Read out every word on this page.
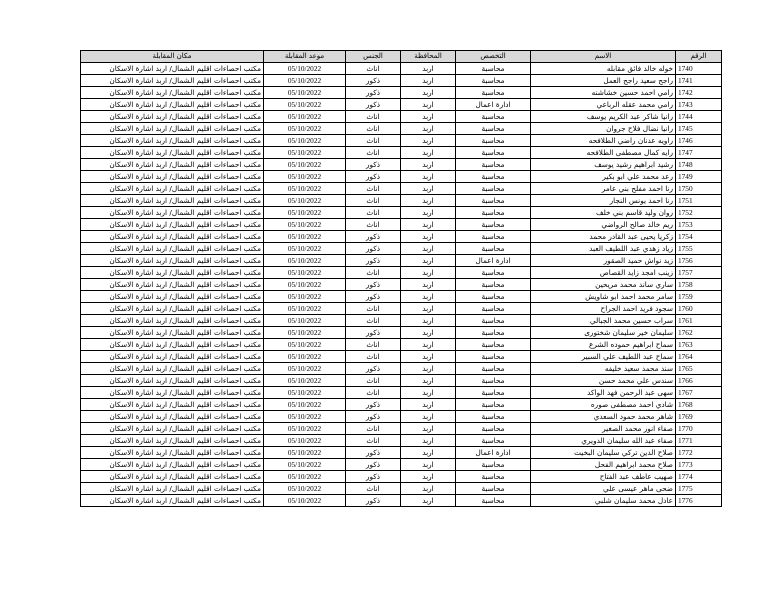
الرقم	الاسم	التخصص	المحافظة	الجنس	موعد المقابلة	مكان المقابلة
1740	خوله خالد فائق مقابله	محاسبة	اربد	اناث	05/10/2022	مكتب احصاءات اقليم الشمال/ اربد اشارة الاسكان
1741	راجح سعيد راجح العمل	محاسبة	اربد	ذكور	05/10/2022	مكتب احصاءات اقليم الشمال/ اربد اشارة الاسكان
1742	رامي احمد حسين خشاشنه	محاسبة	اربد	ذكور	05/10/2022	مكتب احصاءات اقليم الشمال/ اربد اشارة الاسكان
1743	رامي محمد عقله الرباعي	ادارة اعمال	اربد	ذكور	05/10/2022	مكتب احصاءات اقليم الشمال/ اربد اشارة الاسكان
1744	رانيا شاكر عبد الكريم يوسف	محاسبة	اربد	اناث	05/10/2022	مكتب احصاءات اقليم الشمال/ اربد اشارة الاسكان
1745	رانيا نضال فلاح جروان	محاسبة	اربد	اناث	05/10/2022	مكتب احصاءات اقليم الشمال/ اربد اشارة الاسكان
1746	راويه عدنان راضي الطلافحه	محاسبة	اربد	اناث	05/10/2022	مكتب احصاءات اقليم الشمال/ اربد اشارة الاسكان
1747	رايه كمال مصطفى الطلافحه	محاسبة	اربد	اناث	05/10/2022	مكتب احصاءات اقليم الشمال/ اربد اشارة الاسكان
1748	رشيد ابراهيم رشيد يوسف	محاسبة	اربد	ذكور	05/10/2022	مكتب احصاءات اقليم الشمال/ اربد اشارة الاسكان
1749	رعد محمد علي ابو بكير	محاسبة	اربد	ذكور	05/10/2022	مكتب احصاءات اقليم الشمال/ اربد اشارة الاسكان
1750	رنا احمد مفلح بني عامر	محاسبة	اربد	اناث	05/10/2022	مكتب احصاءات اقليم الشمال/ اربد اشارة الاسكان
1751	رنا احمد يونس النجار	محاسبة	اربد	اناث	05/10/2022	مكتب احصاءات اقليم الشمال/ اربد اشارة الاسكان
1752	روان وليد قاسم بني خلف	محاسبة	اربد	اناث	05/10/2022	مكتب احصاءات اقليم الشمال/ اربد اشارة الاسكان
1753	ريم خالد صالح الرواضي	محاسبة	اربد	اناث	05/10/2022	مكتب احصاءات اقليم الشمال/ اربد اشارة الاسكان
1754	زكريا يحيى عبد القادر محمد	محاسبة	اربد	ذكور	05/10/2022	مكتب احصاءات اقليم الشمال/ اربد اشارة الاسكان
1755	زياد زهدي عبد اللطيف العبد	محاسبة	اربد	ذكور	05/10/2022	مكتب احصاءات اقليم الشمال/ اربد اشارة الاسكان
1756	زيد نواش حميد الصقور	ادارة اعمال	اربد	ذكور	05/10/2022	مكتب احصاءات اقليم الشمال/ اربد اشارة الاسكان
1757	زينب امجد زايد القصاص	محاسبة	اربد	اناث	05/10/2022	مكتب احصاءات اقليم الشمال/ اربد اشارة الاسكان
1758	ساري ساند محمد مريحين	محاسبة	اربد	ذكور	05/10/2022	مكتب احصاءات اقليم الشمال/ اربد اشارة الاسكان
1759	سامر محمد احمد ابو شاويش	محاسبة	اربد	ذكور	05/10/2022	مكتب احصاءات اقليم الشمال/ اربد اشارة الاسكان
1760	سجود فريد احمد الجراح	محاسبة	اربد	اناث	05/10/2022	مكتب احصاءات اقليم الشمال/ اربد اشارة الاسكان
1761	سراب حسين محمد الجبالي	محاسبة	اربد	اناث	05/10/2022	مكتب احصاءات اقليم الشمال/ اربد اشارة الاسكان
1762	سليمان خير سليمان شختورى	محاسبة	اربد	ذكور	05/10/2022	مكتب احصاءات اقليم الشمال/ اربد اشارة الاسكان
1763	سماح ابراهيم حموده الشرع	محاسبة	اربد	اناث	05/10/2022	مكتب احصاءات اقليم الشمال/ اربد اشارة الاسكان
1764	سماح عبد اللطيف علي السبير	محاسبة	اربد	اناث	05/10/2022	مكتب احصاءات اقليم الشمال/ اربد اشارة الاسكان
1765	سند محمد سعيد خليفه	محاسبة	اربد	ذكور	05/10/2022	مكتب احصاءات اقليم الشمال/ اربد اشارة الاسكان
1766	سندس علي محمد حسن	محاسبة	اربد	اناث	05/10/2022	مكتب احصاءات اقليم الشمال/ اربد اشارة الاسكان
1767	سهى عبد الرحمن فهد الواكد	محاسبة	اربد	اناث	05/10/2022	مكتب احصاءات اقليم الشمال/ اربد اشارة الاسكان
1768	شادي احمد مصطفى صوره	محاسبة	اربد	ذكور	05/10/2022	مكتب احصاءات اقليم الشمال/ اربد اشارة الاسكان
1769	شاهر محمد حمود السعدي	محاسبة	اربد	ذكور	05/10/2022	مكتب احصاءات اقليم الشمال/ اربد اشارة الاسكان
1770	صفاء انور محمد الصغير	محاسبة	اربد	اناث	05/10/2022	مكتب احصاءات اقليم الشمال/ اربد اشارة الاسكان
1771	صفاء عبد الله سليمان الدويري	محاسبة	اربد	اناث	05/10/2022	مكتب احصاءات اقليم الشمال/ اربد اشارة الاسكان
1772	صلاح الدين تركي سليمان البخيت	ادارة اعمال	اربد	ذكور	05/10/2022	مكتب احصاءات اقليم الشمال/ اربد اشارة الاسكان
1773	صلاح محمد ابراهيم الفحل	محاسبة	اربد	ذكور	05/10/2022	مكتب احصاءات اقليم الشمال/ اربد اشارة الاسكان
1774	صهيب عاطف عبد الفتاح	محاسبة	اربد	ذكور	05/10/2022	مكتب احصاءات اقليم الشمال/ اربد اشارة الاسكان
1775	ضحى ماهر عيسى علي	محاسبة	اربد	اناث	05/10/2022	مكتب احصاءات اقليم الشمال/ اربد اشارة الاسكان
1776	عادل محمد سليمان شلبي	محاسبة	اربد	ذكور	05/10/2022	مكتب احصاءات اقليم الشمال/ اربد اشارة الاسكان
